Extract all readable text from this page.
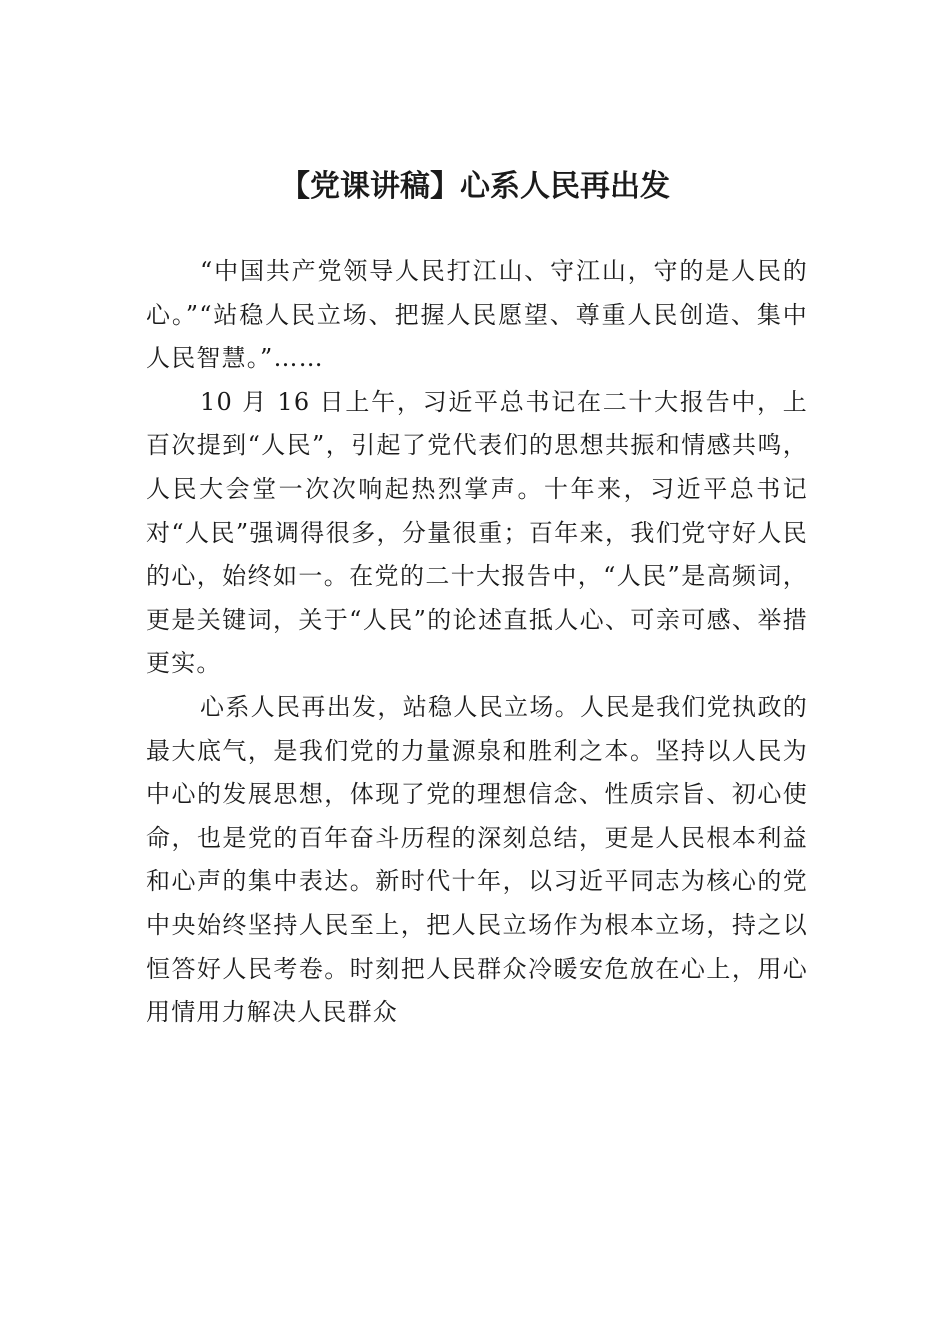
【党课讲稿】心系人民再出发

“中国共产党领导人民打江山、守江山，守的是人民的心。”“站稳人民立场、把握人民愿望、尊重人民创造、集中人民智慧。”……

10 月 16 日上午，习近平总书记在二十大报告中，上百次提到“人民”，引起了党代表们的思想共振和情感共鸣，人民大会堂一次次响起热烈掌声。十年来，习近平总书记对“人民”强调得很多，分量很重；百年来，我们党守好人民的心，始终如一。在党的二十大报告中，“人民”是高频词，更是关键词，关于“人民”的论述直抵人心、可亲可感、举措更实。

心系人民再出发，站稳人民立场。人民是我们党执政的最大底气，是我们党的力量源泉和胜利之本。坚持以人民为中心的发展思想，体现了党的理想信念、性质宗旨、初心使命，也是党的百年奋斗历程的深刻总结，更是人民根本利益和心声的集中表达。新时代十年，以习近平同志为核心的党中央始终坚持人民至上，把人民立场作为根本立场，持之以恒答好人民考卷。时刻把人民群众冷暖安危放在心上，用心用情用力解决人民群众
